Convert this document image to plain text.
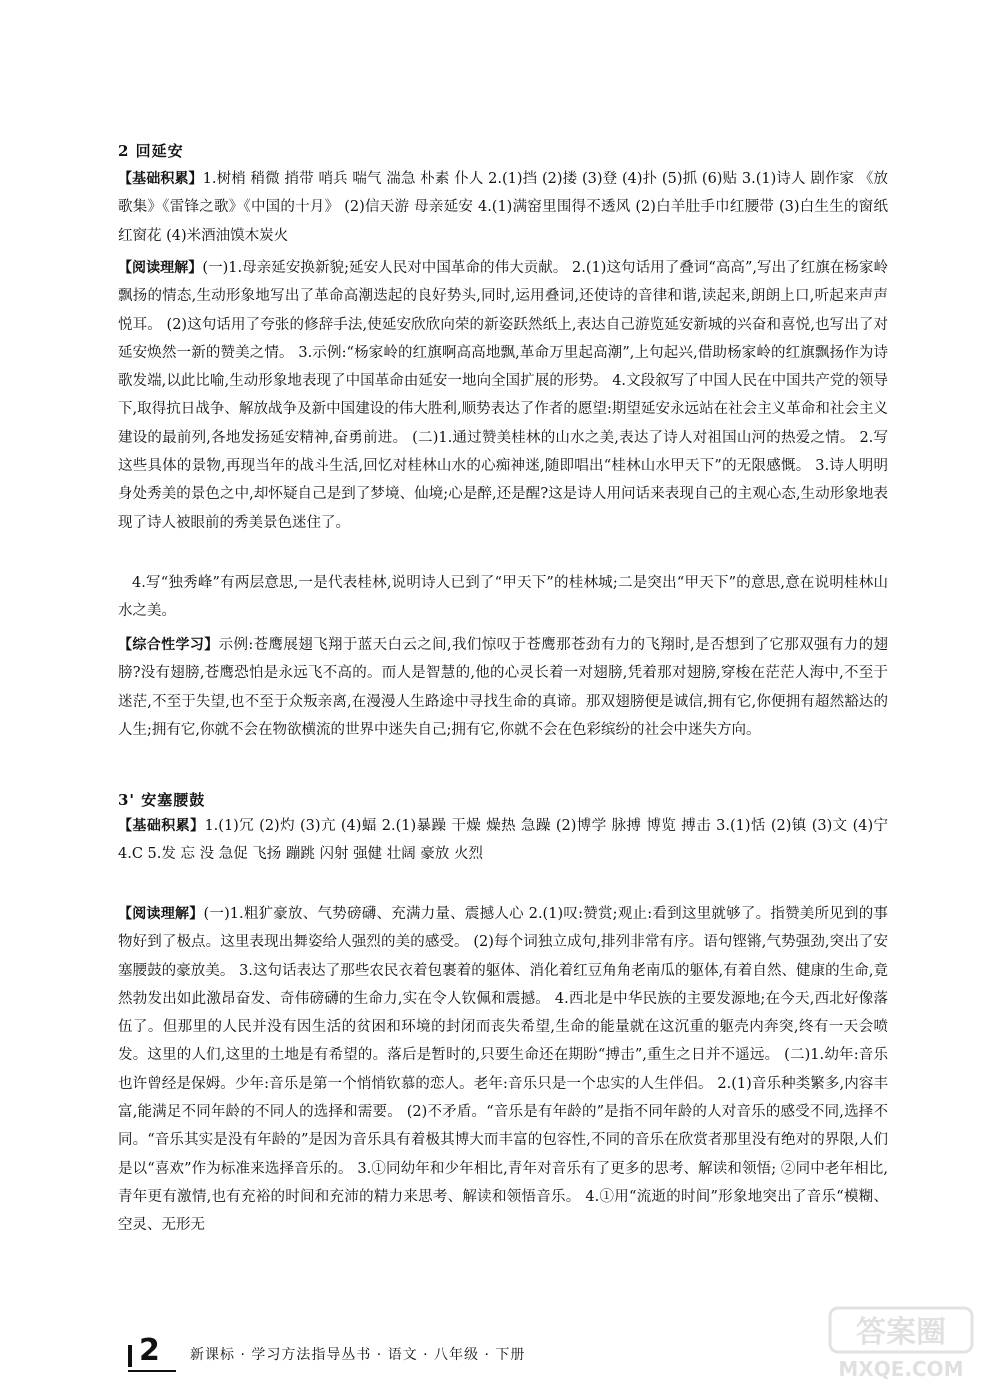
2 回延安
【基础积累】1.树梢 稍微 捎带 哨兵 喘气 湍急 朴素 仆人 2.(1)挡 (2)搂 (3)登 (4)扑 (5)抓 (6)贴 3.(1)诗人 剧作家 《放歌集》《雷锋之歌》《中国的十月》 (2)信天游 母亲延安 4.(1)满窑里围得不透风 (2)白羊肚手巾红腰带 (3)白生生的窗纸红窗花 (4)米酒油馍木炭火
【阅读理解】(一)1.母亲延安换新貌;延安人民对中国革命的伟大贡献。 2.(1)这句话用了叠词“高高”,写出了红旗在杨家岭飘扬的情态,生动形象地写出了革命高潮迭起的良好势头,同时,运用叠词,还使诗的音律和谐,读起来,朗朗上口,听起来声声悦耳。 (2)这句话用了夸张的修辞手法,使延安欣欣向荣的新姿跃然纸上,表达自己游览延安新城的兴奋和喜悦,也写出了对延安焕然一新的赞美之情。 3.示例:“杨家岭的红旗啊高高地飘,革命万里起高潮”,上句起兴,借助杨家岭的红旗飘扬作为诗歌发端,以此比喻,生动形象地表现了中国革命由延安一地向全国扩展的形势。 4.文段叙写了中国人民在中国共产党的领导下,取得抗日战争、解放战争及新中国建设的伟大胜利,顺势表达了作者的愿望:期望延安永远站在社会主义革命和社会主义建设的最前列,各地发扬延安精神,奋勇前进。 (二)1.通过赞美桂林的山水之美,表达了诗人对祖国山河的热爱之情。 2.写这些具体的景物,再现当年的战斗生活,回忆对桂林山水的心痴神迷,随即唱出“桂林山水甲天下”的无限感慨。 3.诗人明明身处秀美的景色之中,却怀疑自己是到了梦境、仙境;心是醉,还是醒?这是诗人用问话来表现自己的主观心态,生动形象地表现了诗人被眼前的秀美景色迷住了。
4.写“独秀峰”有两层意思,一是代表桂林,说明诗人已到了“甲天下”的桂林城;二是突出“甲天下”的意思,意在说明桂林山水之美。
【综合性学习】示例:苍鹰展翅飞翔于蓝天白云之间,我们惊叹于苍鹰那苍劲有力的飞翔时,是否想到了它那双强有力的翅膀?没有翅膀,苍鹰恐怕是永远飞不高的。而人是智慧的,他的心灵长着一对翅膀,凭着那对翅膀,穿梭在茫茫人海中,不至于迷茫,不至于失望,也不至于众叛亲离,在漫漫人生路途中寻找生命的真谛。那双翅膀便是诚信,拥有它,你便拥有超然豁达的人生;拥有它,你就不会在物欲横流的世界中迷失自己;拥有它,你就不会在色彩缤纷的社会中迷失方向。
3' 安塞腰鼓
【基础积累】1.(1)冗 (2)灼 (3)亢 (4)蝠 2.(1)暴躁 干燥 燥热 急躁 (2)博学 脉搏 博览 搏击 3.(1)恬 (2)镇 (3)文 (4)宁 4.C 5.发 忘 没 急促 飞扬 蹦跳 闪射 强健 壮阔 豪放 火烈
【阅读理解】(一)1.粗犷豪放、气势磅礴、充满力量、震撼人心 2.(1)叹:赞赏;观止:看到这里就够了。指赞美所见到的事物好到了极点。这里表现出舞姿给人强烈的美的感受。 (2)每个词独立成句,排列非常有序。语句铿锵,气势强劲,突出了安塞腰鼓的豪放美。 3.这句话表达了那些农民衣着包裹着的躯体、消化着红豆角角老南瓜的躯体,有着自然、健康的生命,竟然勃发出如此激昂奋发、奇伟磅礴的生命力,实在令人钦佩和震撼。 4.西北是中华民族的主要发源地;在今天,西北好像落伍了。但那里的人民并没有因生活的贫困和环境的封闭而丧失希望,生命的能量就在这沉重的躯壳内奔突,终有一天会喷发。这里的人们,这里的土地是有希望的。落后是暂时的,只要生命还在期盼“搏击”,重生之日并不遥远。 (二)1.幼年:音乐也许曾经是保姆。少年:音乐是第一个悄悄钦慕的恋人。老年:音乐只是一个忠实的人生伴侣。 2.(1)音乐种类繁多,内容丰富,能满足不同年龄的不同人的选择和需要。 (2)不矛盾。“音乐是有年龄的”是指不同年龄的人对音乐的感受不同,选择不同。“音乐其实是没有年龄的”是因为音乐具有着极其博大而丰富的包容性,不同的音乐在欣赏者那里没有绝对的界限,人们是以“喜欢”作为标准来选择音乐的。 3.①同幼年和少年相比,青年对音乐有了更多的思考、解读和领悟; ②同中老年相比,青年更有激情,也有充裕的时间和充沛的精力来思考、解读和领悟音乐。 4.①用“流逝的时间”形象地突出了音乐“模糊、空灵、无形无
2 新课标 · 学习方法指导丛书 · 语文 · 八年级 · 下册
答案圈
MXQE.COM
